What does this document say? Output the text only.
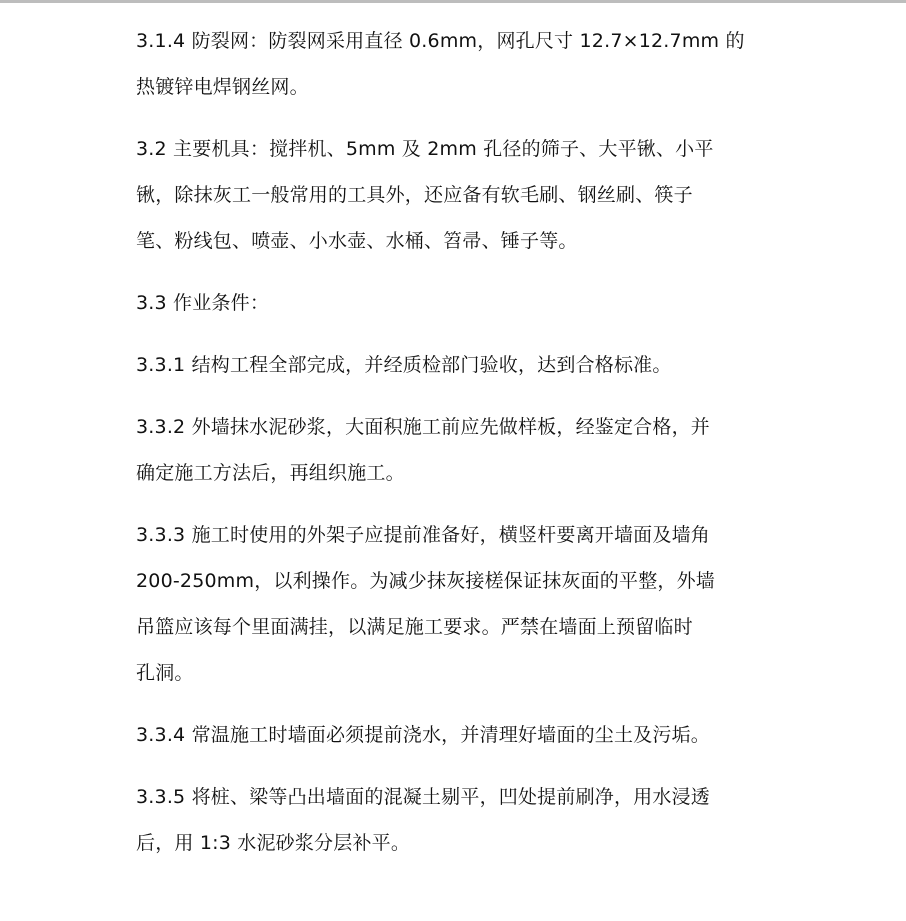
3.1.4 防裂网：防裂网采用直径 0.6mm，网孔尺寸 12.7×12.7mm 的
热镀锌电焊钢丝网。

3.2 主要机具：搅拌机、5mm 及 2mm 孔径的筛子、大平锹、小平
锹，除抹灰工一般常用的工具外，还应备有软毛刷、钢丝刷、筷子
笔、粉线包、喷壶、小水壶、水桶、笤帚、锤子等。

3.3 作业条件：

3.3.1 结构工程全部完成，并经质检部门验收，达到合格标准。

3.3.2 外墙抹水泥砂浆，大面积施工前应先做样板，经鉴定合格，并
确定施工方法后，再组织施工。

3.3.3 施工时使用的外架子应提前准备好，横竖杆要离开墙面及墙角
200-250mm，以利操作。为减少抹灰接槎保证抹灰面的平整，外墙
吊篮应该每个里面满挂，以满足施工要求。严禁在墙面上预留临时
孔洞。

3.3.4 常温施工时墙面必须提前浇水，并清理好墙面的尘土及污垢。

3.3.5 将桩、梁等凸出墙面的混凝土剔平，凹处提前刷净，用水浸透
后，用 1:3 水泥砂浆分层补平。
